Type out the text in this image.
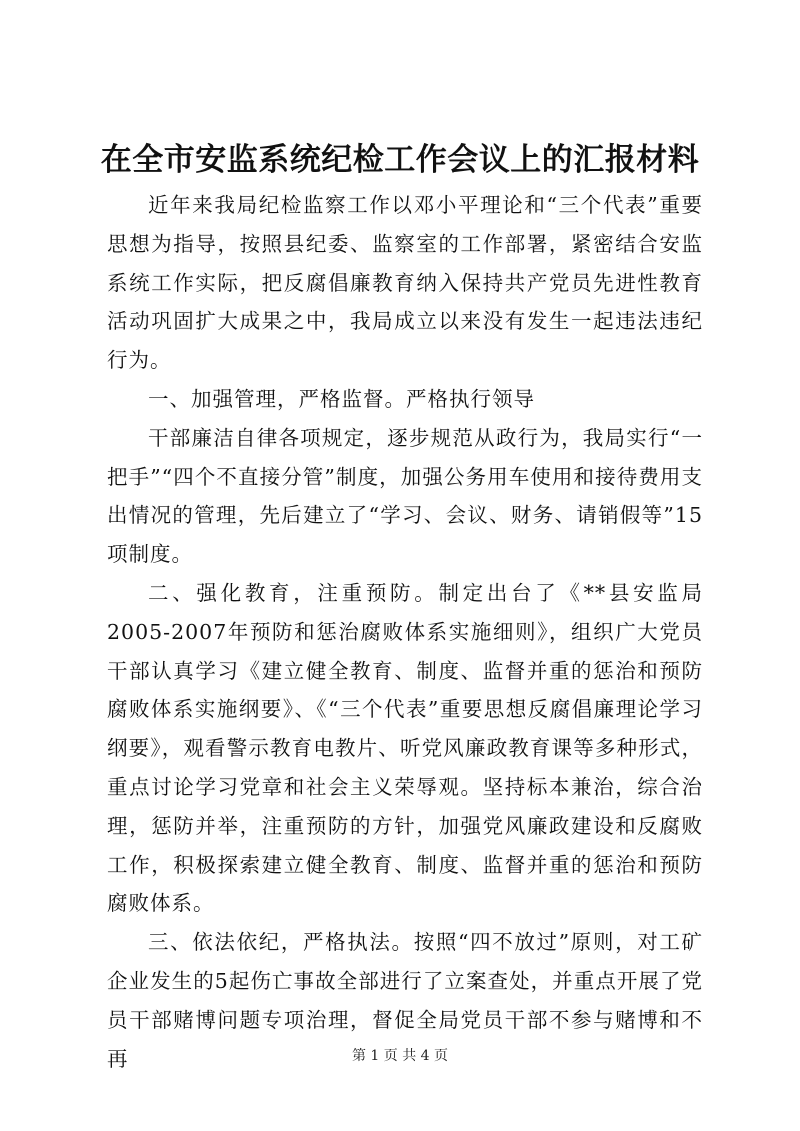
在全市安监系统纪检工作会议上的汇报材料

近年来我局纪检监察工作以邓小平理论和“三个代表”重要思想为指导，按照县纪委、监察室的工作部署，紧密结合安监系统工作实际，把反腐倡廉教育纳入保持共产党员先进性教育活动巩固扩大成果之中，我局成立以来没有发生一起违法违纪行为。

一、加强管理，严格监督。严格执行领导

干部廉洁自律各项规定，逐步规范从政行为，我局实行“一把手”“四个不直接分管”制度，加强公务用车使用和接待费用支出情况的管理，先后建立了“学习、会议、财务、请销假等”15项制度。

二、强化教育，注重预防。制定出台了《**县安监局2005-2007年预防和惩治腐败体系实施细则》，组织广大党员干部认真学习《建立健全教育、制度、监督并重的惩治和预防腐败体系实施纲要》、《“三个代表”重要思想反腐倡廉理论学习纲要》，观看警示教育电教片、听党风廉政教育课等多种形式，重点讨论学习党章和社会主义荣辱观。坚持标本兼治，综合治理，惩防并举，注重预防的方针，加强党风廉政建设和反腐败工作，积极探索建立健全教育、制度、监督并重的惩治和预防腐败体系。

三、依法依纪，严格执法。按照“四不放过”原则，对工矿企业发生的5起伤亡事故全部进行了立案查处，并重点开展了党员干部赌博问题专项治理，督促全局党员干部不参与赌博和不再	第 1 页 共 4 页
